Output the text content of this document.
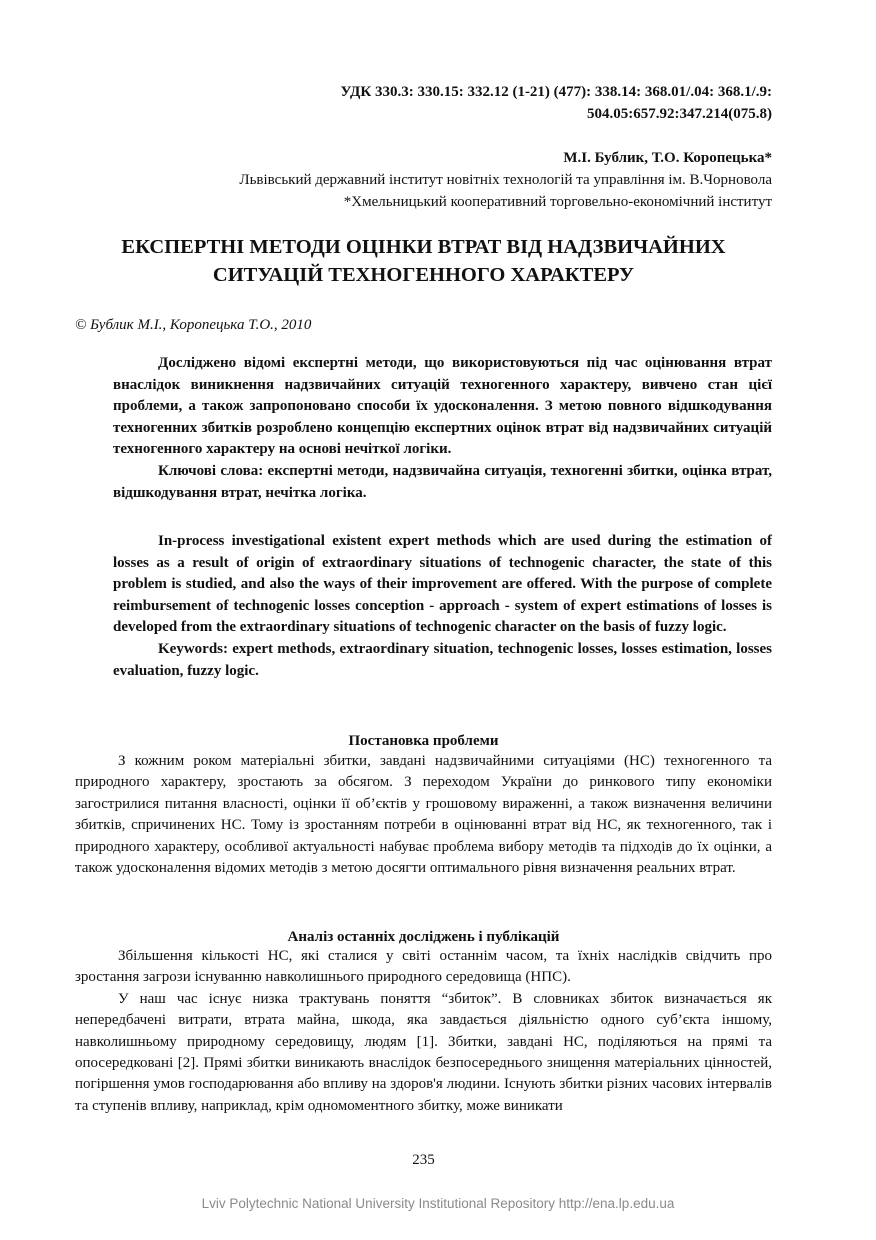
УДК 330.3: 330.15: 332.12 (1-21) (477): 338.14: 368.01/.04: 368.1/.9:
504.05:657.92:347.214(075.8)
М.І. Бублик, Т.О. Коропецька*
Львівський державний інститут новітніх технологій та управління ім. В.Чорновола
*Хмельницький кооперативний торговельно-економічний інститут
ЕКСПЕРТНІ МЕТОДИ ОЦІНКИ ВТРАТ ВІД НАДЗВИЧАЙНИХ
СИТУАЦІЙ ТЕХНОГЕННОГО ХАРАКТЕРУ
© Бублик М.І., Коропецька Т.О., 2010

Досліджено відомі експертні методи, що використовуються під час оцінювання втрат внаслідок виникнення надзвичайних ситуацій техногенного характеру, вивчено стан цієї проблеми, а також запропоновано способи їх удосконалення. З метою повного відшкодування техногенних збитків розроблено концепцію експертних оцінок втрат від надзвичайних ситуацій техногенного характеру на основі нечіткої логіки.

Ключові слова: експертні методи, надзвичайна ситуація, техногенні збитки, оцінка втрат, відшкодування втрат, нечітка логіка.

In-process investigational existent expert methods which are used during the estimation of losses as a result of origin of extraordinary situations of technogenic character, the state of this problem is studied, and also the ways of their improvement are offered. With the purpose of complete reimbursement of technogenic losses conception - approach - system of expert estimations of losses is developed from the extraordinary situations of technogenic character on the basis of fuzzy logic.

Keywords: expert methods, extraordinary situation, technogenic losses, losses estimation, losses evaluation, fuzzy logic.

Постановка проблеми

З кожним роком матеріальні збитки, завдані надзвичайними ситуаціями (НС) техногенного та природного характеру, зростають за обсягом. З переходом України до ринкового типу економіки загострилися питання власності, оцінки її об’єктів у грошовому вираженні, а також визначення величини збитків, спричинених НС. Тому із зростанням потреби в оцінюванні втрат від НС, як техногенного, так і природного характеру, особливої актуальності набуває проблема вибору методів та підходів до їх оцінки, а також удосконалення відомих методів з метою досягти оптимального рівня визначення реальних втрат.

Аналіз останніх досліджень і публікацій

Збільшення кількості НС, які сталися у світі останнім часом, та їхніх наслідків свідчить про зростання загрози існуванню навколишнього природного середовища (НПС).

У наш час існує низка трактувань поняття “збиток”. В словниках збиток визначається як непередбачені витрати, втрата майна, шкода, яка завдається діяльністю одного суб’єкта іншому, навколишньому природному середовищу, людям [1]. Збитки, завдані НС, поділяються на прямі та опосередковані [2]. Прямі збитки виникають внаслідок безпосереднього знищення матеріальних цінностей, погіршення умов господарювання або впливу на здоров'я людини. Існують збитки різних часових інтервалів та ступенів впливу, наприклад, крім одномоментного збитку, може виникати

235
Lviv Polytechnic National University Institutional Repository http://ena.lp.edu.ua
